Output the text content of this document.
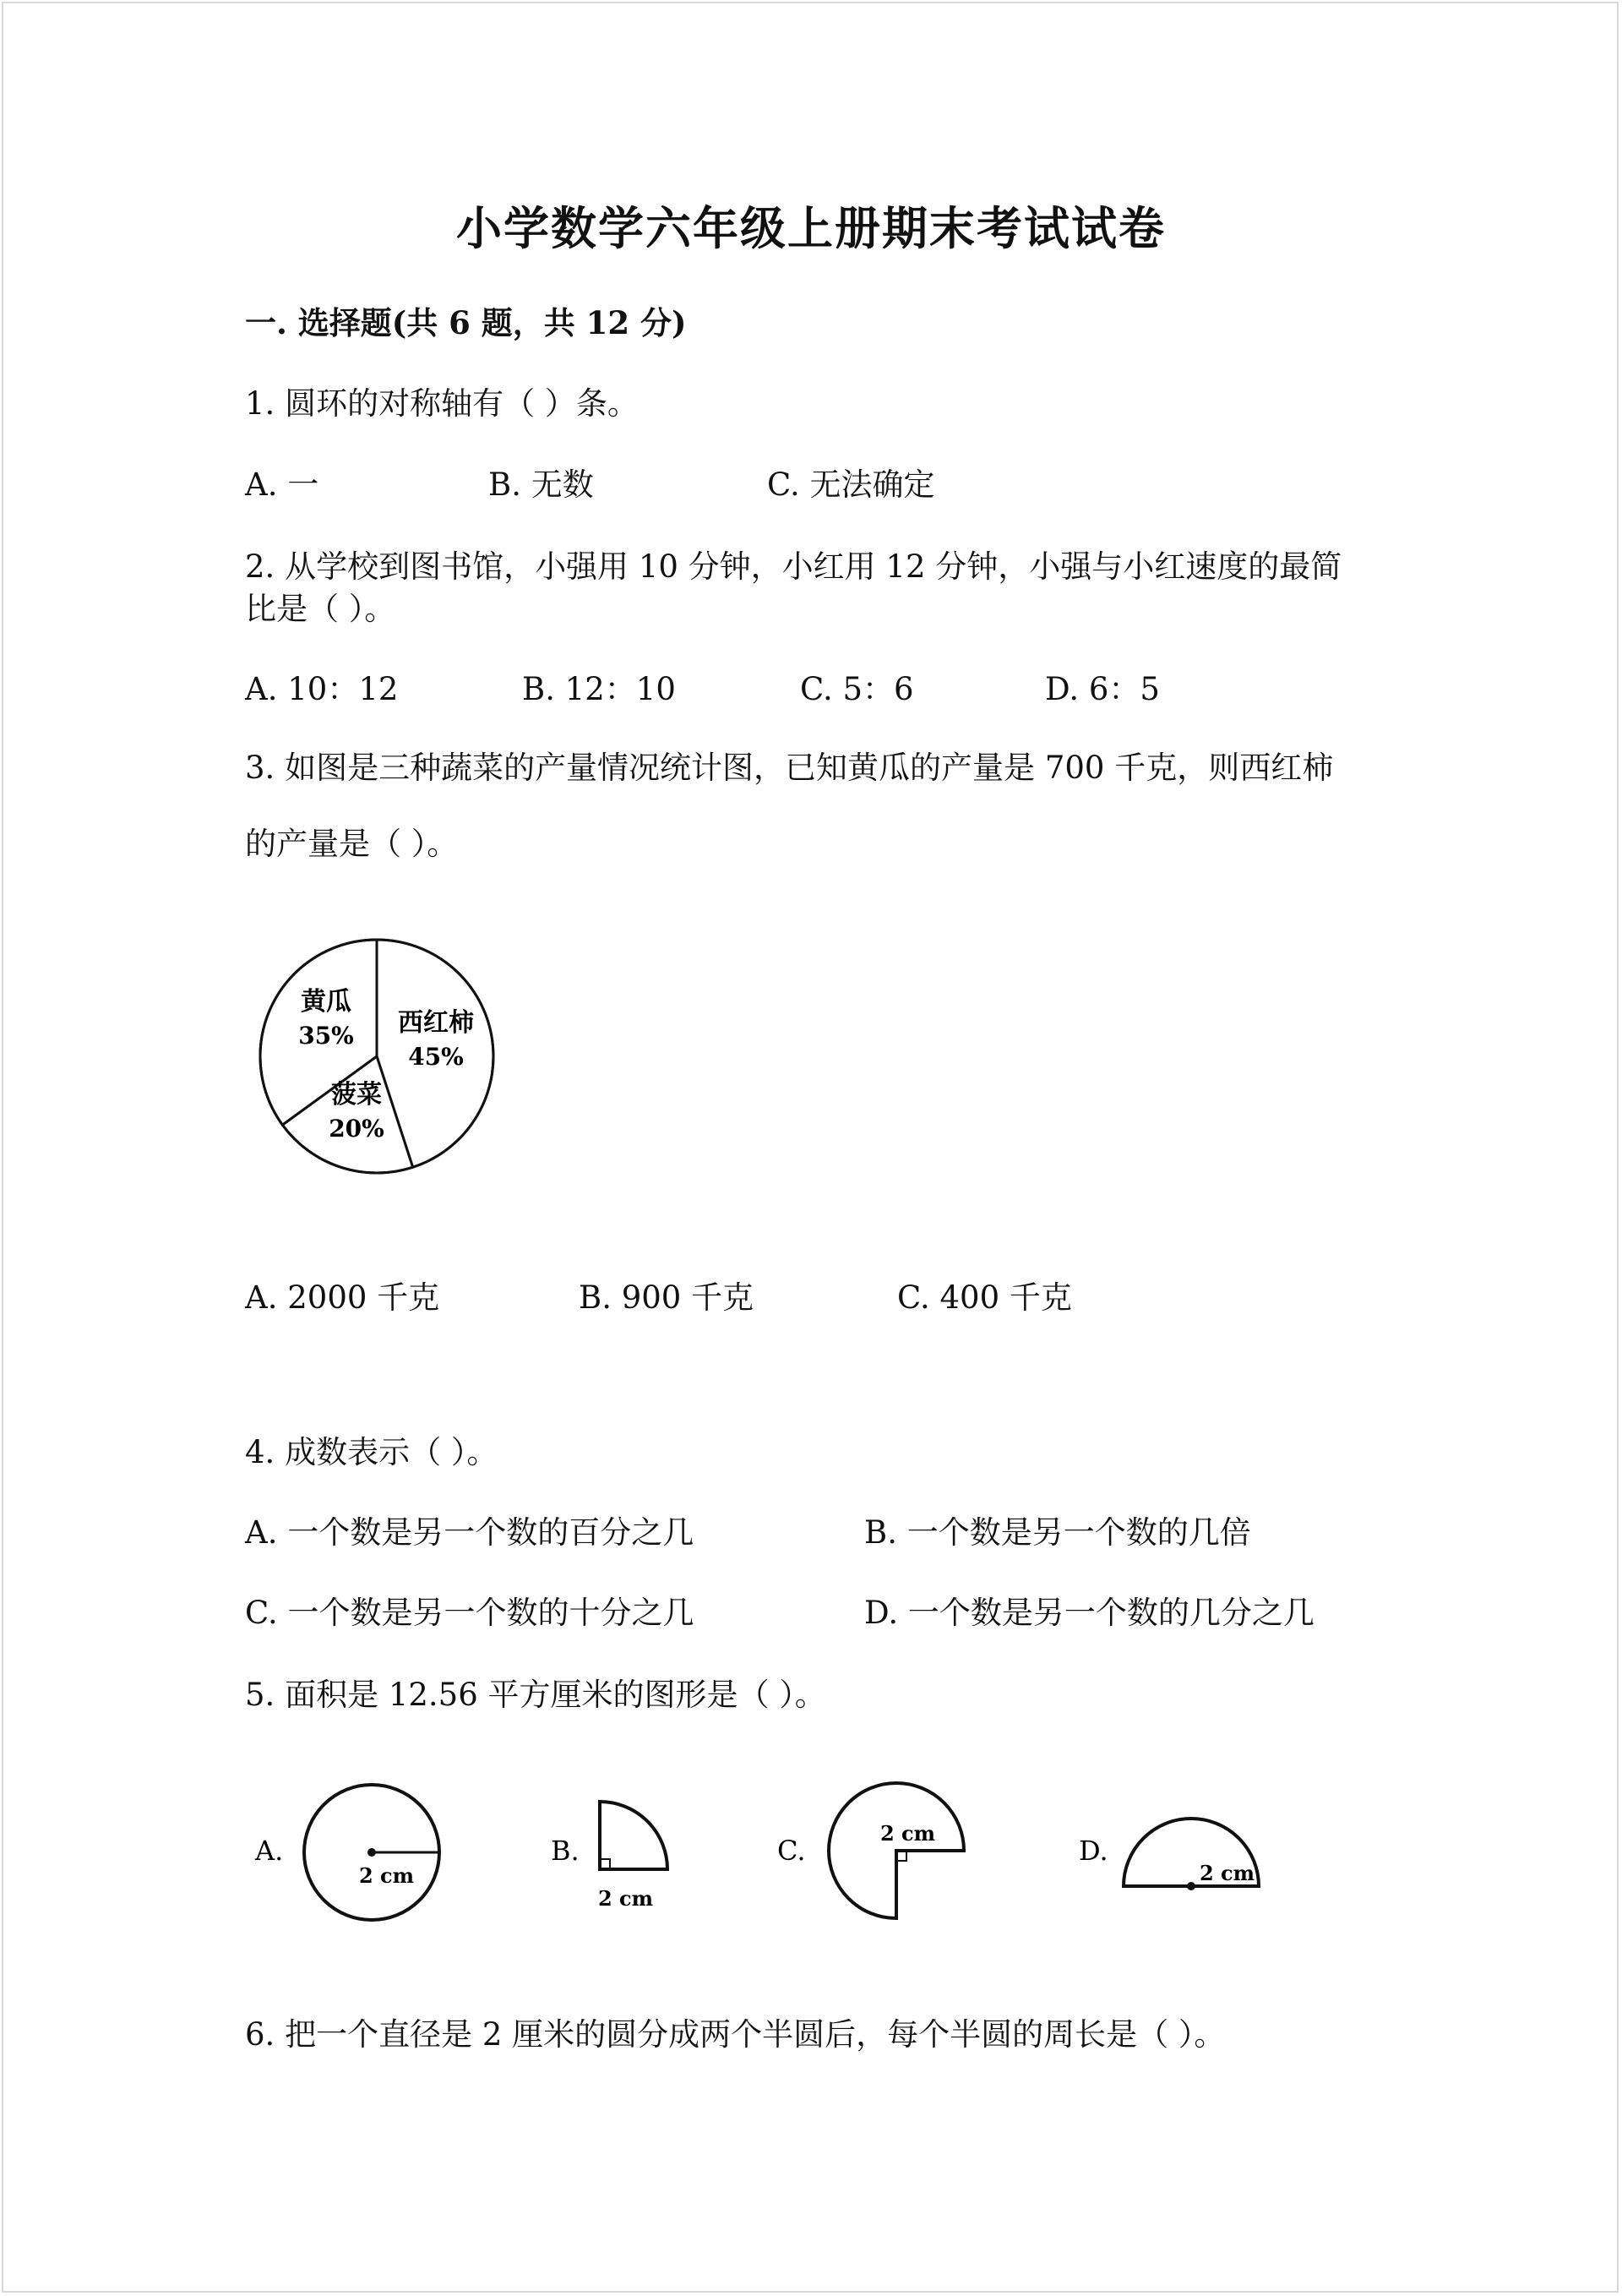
小学数学六年级上册期末考试试卷
一. 选择题(共 6 题，共 12 分)
1. 圆环的对称轴有（ ）条。
A. 一	B. 无数	C. 无法确定
2. 从学校到图书馆，小强用 10 分钟，小红用 12 分钟，小强与小红速度的最简
比是（ ）。
A. 10：12	B. 12：10	C. 5：6	D. 6：5
3. 如图是三种蔬菜的产量情况统计图，已知黄瓜的产量是 700 千克，则西红柿
的产量是（ ）。
黄瓜
35% 西红柿
45%
菠菜
20%
A. 2000 千克	B. 900 千克	C. 400 千克
4. 成数表示（ ）。
A. 一个数是另一个数的百分之几	B. 一个数是另一个数的几倍
C. 一个数是另一个数的十分之几	D. 一个数是另一个数的几分之几
5. 面积是 12.56 平方厘米的图形是（ ）。
A.
2 cm
B.
2 cm
C.
2 cm
D.
2 cm
6. 把一个直径是 2 厘米的圆分成两个半圆后，每个半圆的周长是（ ）。
